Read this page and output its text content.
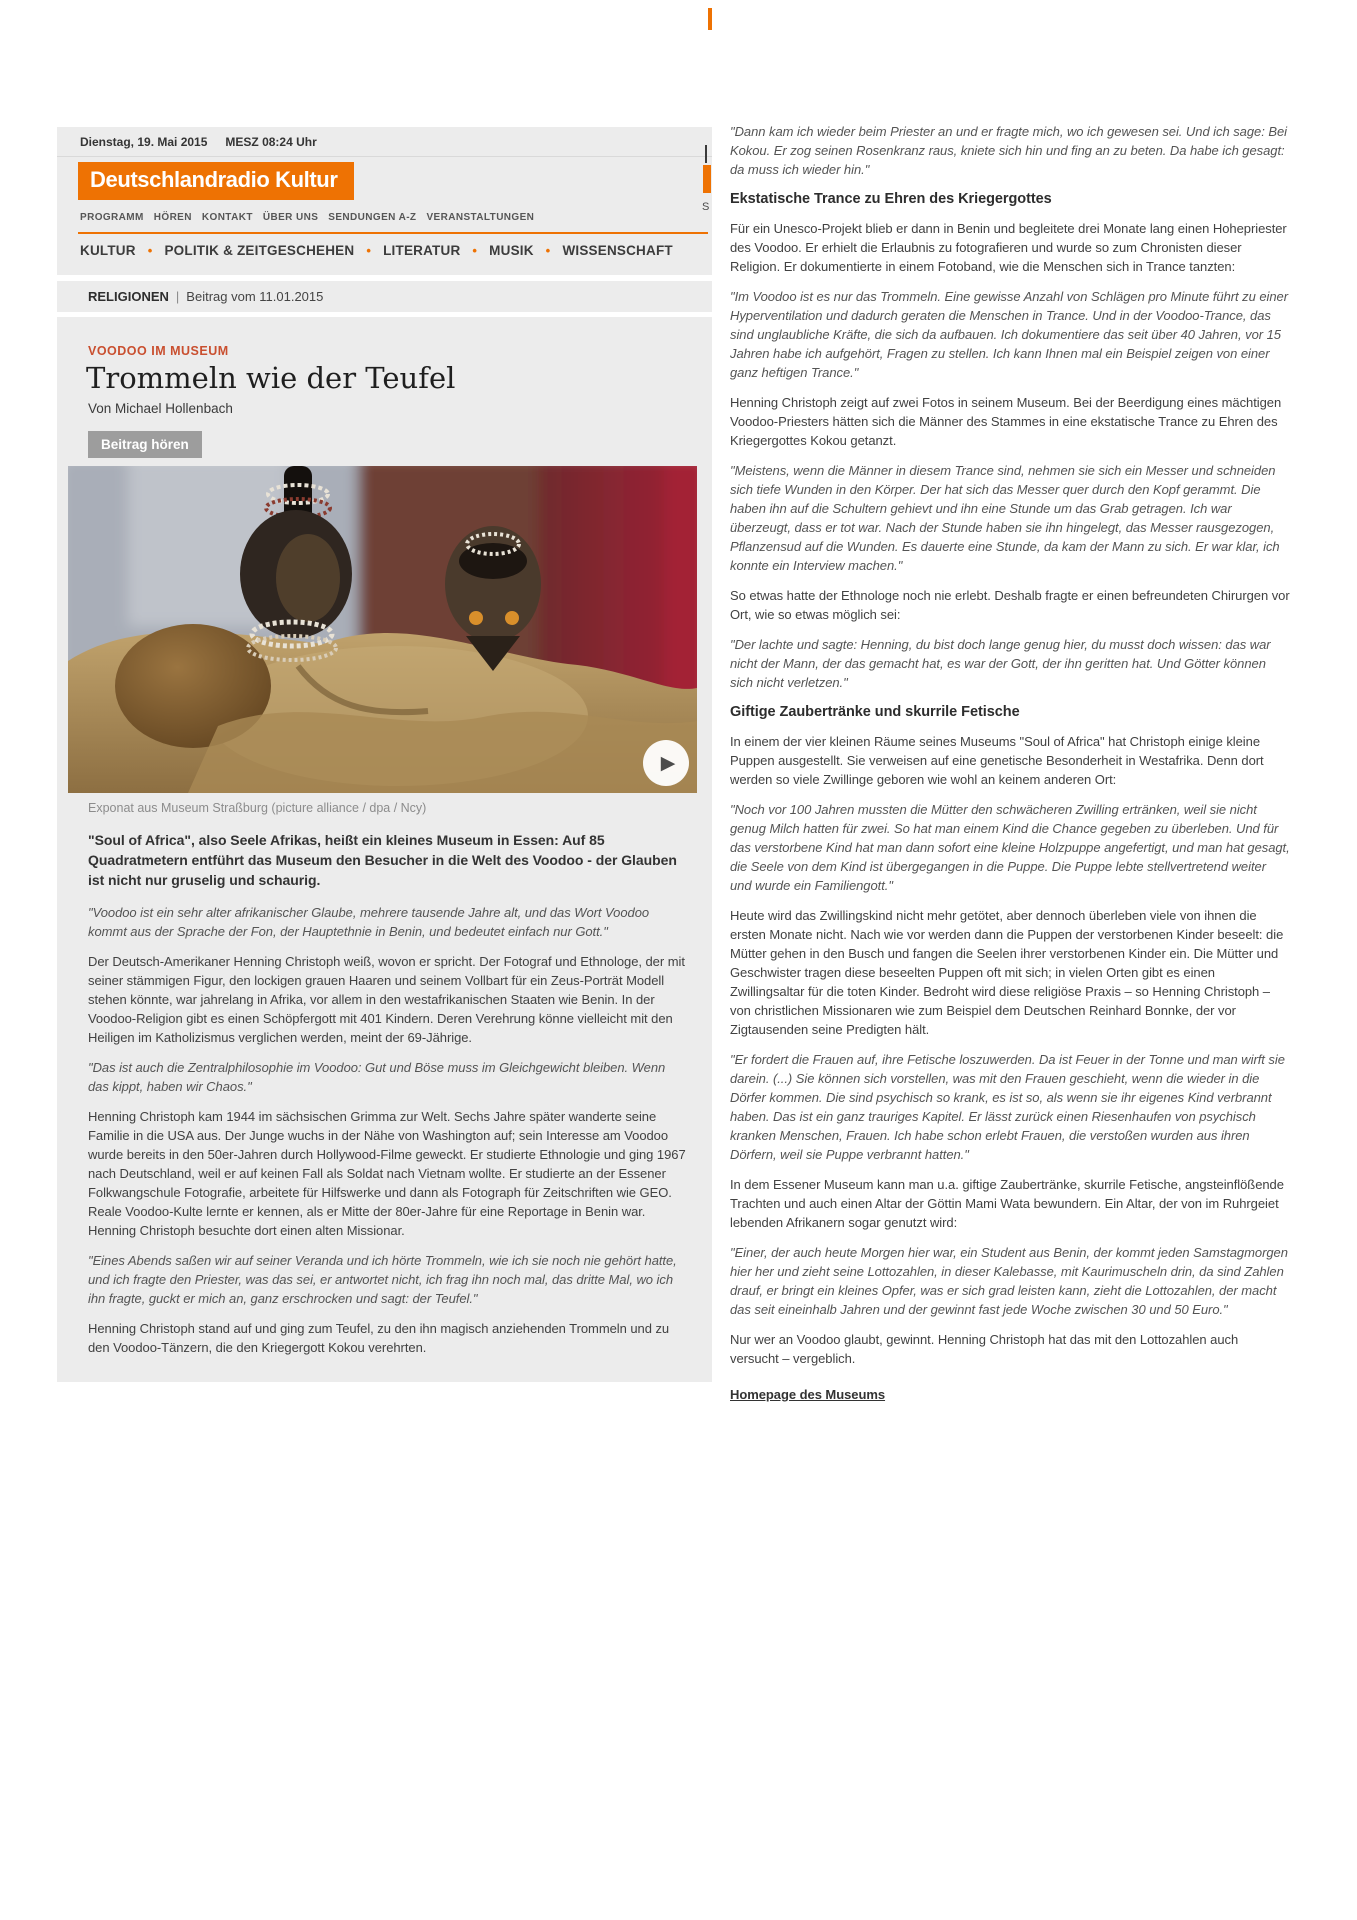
Dienstag, 19. Mai 2015 MESZ 08:24 Uhr
Deutschlandradio Kultur
PROGRAMM HÖREN KONTAKT ÜBER UNS SENDUNGEN A-Z VERANSTALTUNGEN
KULTUR • POLITIK & ZEITGESCHEHEN • LITERATUR • MUSIK • WISSENSCHAFT
RELIGIONEN | Beitrag vom 11.01.2015
VOODOO IM MUSEUM
Trommeln wie der Teufel
Von Michael Hollenbach
Beitrag hören
▶
Exponat aus Museum Straßburg (picture alliance / dpa / Ncy)

"Soul of Africa", also Seele Afrikas, heißt ein kleines Museum in Essen: Auf 85 Quadratmetern entführt das Museum den Besucher in die Welt des Voodoo - der Glauben ist nicht nur gruselig und schaurig.

"Voodoo ist ein sehr alter afrikanischer Glaube, mehrere tausende Jahre alt, und das Wort Voodoo kommt aus der Sprache der Fon, der Hauptethnie in Benin, und bedeutet einfach nur Gott."

Der Deutsch-Amerikaner Henning Christoph weiß, wovon er spricht. Der Fotograf und Ethnologe, der mit seiner stämmigen Figur, den lockigen grauen Haaren und seinem Vollbart für ein Zeus-Porträt Modell stehen könnte, war jahrelang in Afrika, vor allem in den westafrikanischen Staaten wie Benin. In der Voodoo-Religion gibt es einen Schöpfergott mit 401 Kindern. Deren Verehrung könne vielleicht mit den Heiligen im Katholizismus verglichen werden, meint der 69-Jährige.

"Das ist auch die Zentralphilosophie im Voodoo: Gut und Böse muss im Gleichgewicht bleiben. Wenn das kippt, haben wir Chaos."

Henning Christoph kam 1944 im sächsischen Grimma zur Welt. Sechs Jahre später wanderte seine Familie in die USA aus. Der Junge wuchs in der Nähe von Washington auf; sein Interesse am Voodoo wurde bereits in den 50er-Jahren durch Hollywood-Filme geweckt. Er studierte Ethnologie und ging 1967 nach Deutschland, weil er auf keinen Fall als Soldat nach Vietnam wollte. Er studierte an der Essener Folkwangschule Fotografie, arbeitete für Hilfswerke und dann als Fotograph für Zeitschriften wie GEO. Reale Voodoo-Kulte lernte er kennen, als er Mitte der 80er-Jahre für eine Reportage in Benin war. Henning Christoph besuchte dort einen alten Missionar.

"Eines Abends saßen wir auf seiner Veranda und ich hörte Trommeln, wie ich sie noch nie gehört hatte, und ich fragte den Priester, was das sei, er antwortet nicht, ich frag ihn noch mal, das dritte Mal, wo ich ihn fragte, guckt er mich an, ganz erschrocken und sagt: der Teufel."

Henning Christoph stand auf und ging zum Teufel, zu den ihn magisch anziehenden Trommeln und zu den Voodoo-Tänzern, die den Kriegergott Kokou verehrten.

"Dann kam ich wieder beim Priester an und er fragte mich, wo ich gewesen sei. Und ich sage: Bei Kokou. Er zog seinen Rosenkranz raus, kniete sich hin und fing an zu beten. Da habe ich gesagt: da muss ich wieder hin."

Ekstatische Trance zu Ehren des Kriegergottes

Für ein Unesco-Projekt blieb er dann in Benin und begleitete drei Monate lang einen Hohepriester des Voodoo. Er erhielt die Erlaubnis zu fotografieren und wurde so zum Chronisten dieser Religion. Er dokumentierte in einem Fotoband, wie die Menschen sich in Trance tanzten:

"Im Voodoo ist es nur das Trommeln. Eine gewisse Anzahl von Schlägen pro Minute führt zu einer Hyperventilation und dadurch geraten die Menschen in Trance. Und in der Voodoo-Trance, das sind unglaubliche Kräfte, die sich da aufbauen. Ich dokumentiere das seit über 40 Jahren, vor 15 Jahren habe ich aufgehört, Fragen zu stellen. Ich kann Ihnen mal ein Beispiel zeigen von einer ganz heftigen Trance."

Henning Christoph zeigt auf zwei Fotos in seinem Museum. Bei der Beerdigung eines mächtigen Voodoo-Priesters hätten sich die Männer des Stammes in eine ekstatische Trance zu Ehren des Kriegergottes Kokou getanzt.

"Meistens, wenn die Männer in diesem Trance sind, nehmen sie sich ein Messer und schneiden sich tiefe Wunden in den Körper. Der hat sich das Messer quer durch den Kopf gerammt. Die haben ihn auf die Schultern gehievt und ihn eine Stunde um das Grab getragen. Ich war überzeugt, dass er tot war. Nach der Stunde haben sie ihn hingelegt, das Messer rausgezogen, Pflanzensud auf die Wunden. Es dauerte eine Stunde, da kam der Mann zu sich. Er war klar, ich konnte ein Interview machen."

So etwas hatte der Ethnologe noch nie erlebt. Deshalb fragte er einen befreundeten Chirurgen vor Ort, wie so etwas möglich sei:

"Der lachte und sagte: Henning, du bist doch lange genug hier, du musst doch wissen: das war nicht der Mann, der das gemacht hat, es war der Gott, der ihn geritten hat. Und Götter können sich nicht verletzen."

Giftige Zaubertränke und skurrile Fetische

In einem der vier kleinen Räume seines Museums "Soul of Africa" hat Christoph einige kleine Puppen ausgestellt. Sie verweisen auf eine genetische Besonderheit in Westafrika. Denn dort werden so viele Zwillinge geboren wie wohl an keinem anderen Ort:

"Noch vor 100 Jahren mussten die Mütter den schwächeren Zwilling ertränken, weil sie nicht genug Milch hatten für zwei. So hat man einem Kind die Chance gegeben zu überleben. Und für das verstorbene Kind hat man dann sofort eine kleine Holzpuppe angefertigt, und man hat gesagt, die Seele von dem Kind ist übergegangen in die Puppe. Die Puppe lebte stellvertretend weiter und wurde ein Familiengott."

Heute wird das Zwillingskind nicht mehr getötet, aber dennoch überleben viele von ihnen die ersten Monate nicht. Nach wie vor werden dann die Puppen der verstorbenen Kinder beseelt: die Mütter gehen in den Busch und fangen die Seelen ihrer verstorbenen Kinder ein. Die Mütter und Geschwister tragen diese beseelten Puppen oft mit sich; in vielen Orten gibt es einen Zwillingsaltar für die toten Kinder. Bedroht wird diese religiöse Praxis – so Henning Christoph – von christlichen Missionaren wie zum Beispiel dem Deutschen Reinhard Bonnke, der vor Zigtausenden seine Predigten hält.

"Er fordert die Frauen auf, ihre Fetische loszuwerden. Da ist Feuer in der Tonne und man wirft sie darein. (...) Sie können sich vorstellen, was mit den Frauen geschieht, wenn die wieder in die Dörfer kommen. Die sind psychisch so krank, es ist so, als wenn sie ihr eigenes Kind verbrannt haben. Das ist ein ganz trauriges Kapitel. Er lässt zurück einen Riesenhaufen von psychisch kranken Menschen, Frauen. Ich habe schon erlebt Frauen, die verstoßen wurden aus ihren Dörfern, weil sie Puppe verbrannt hatten."

In dem Essener Museum kann man u.a. giftige Zaubertränke, skurrile Fetische, angsteinflößende Trachten und auch einen Altar der Göttin Mami Wata bewundern. Ein Altar, der von im Ruhrgeiet lebenden Afrikanern sogar genutzt wird:

"Einer, der auch heute Morgen hier war, ein Student aus Benin, der kommt jeden Samstagmorgen hier her und zieht seine Lottozahlen, in dieser Kalebasse, mit Kaurimuscheln drin, da sind Zahlen drauf, er bringt ein kleines Opfer, was er sich grad leisten kann, zieht die Lottozahlen, der macht das seit eineinhalb Jahren und der gewinnt fast jede Woche zwischen 30 und 50 Euro."

Nur wer an Voodoo glaubt, gewinnt. Henning Christoph hat das mit den Lottozahlen auch versucht – vergeblich.

Homepage des Museums
S
